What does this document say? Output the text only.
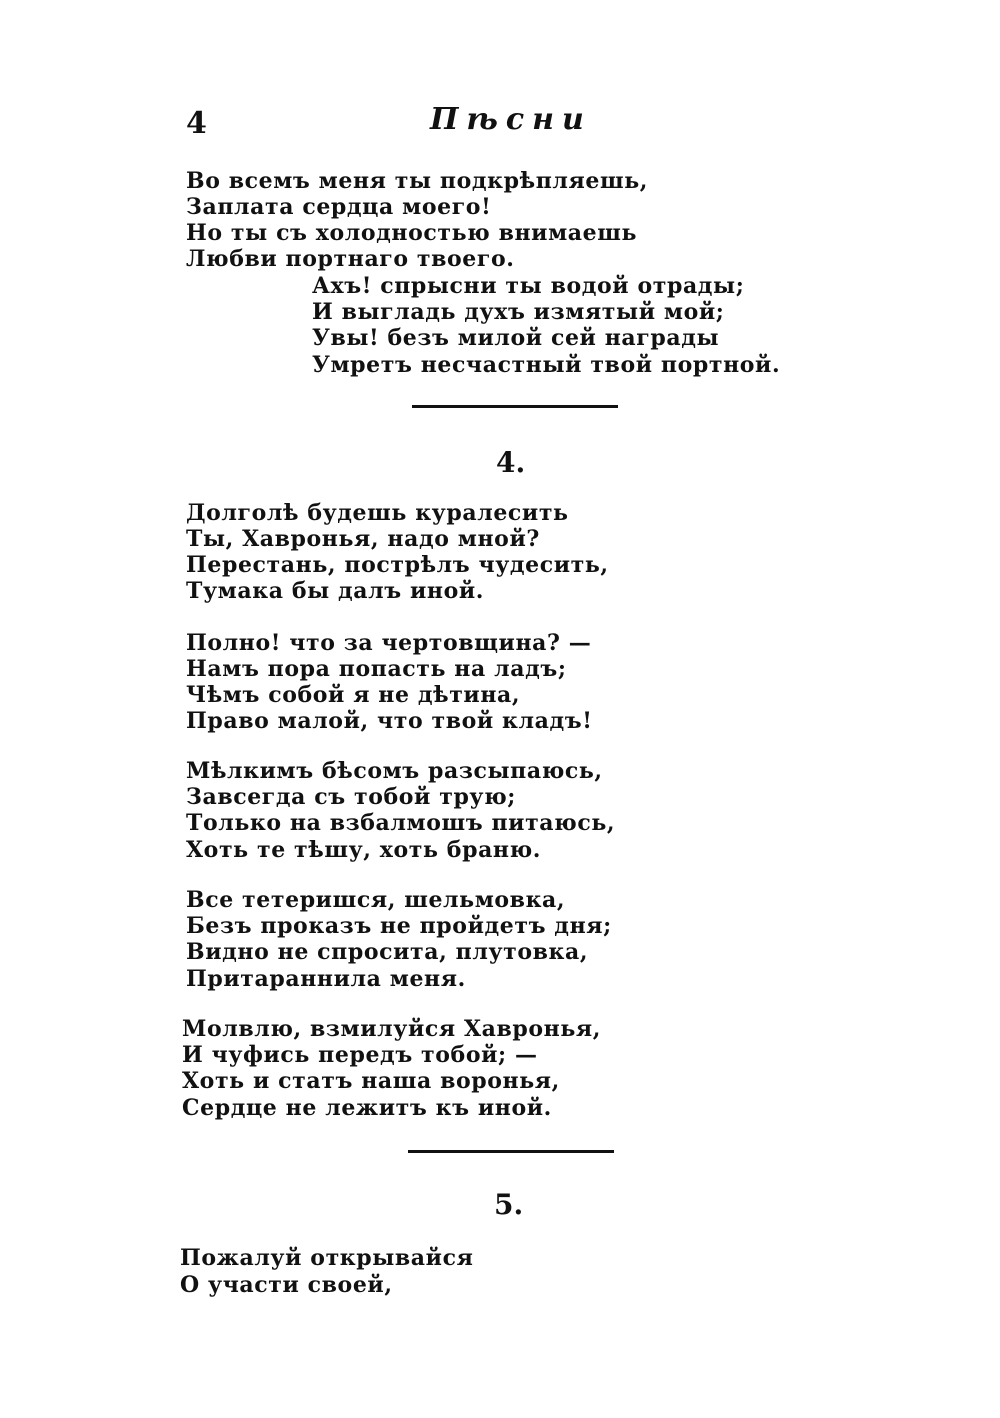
4	Пѣсни
Во всемъ меня ты подкрѣпляешь,
Заплата сердца моего!
Но ты съ холодностью внимаешь
Любви портнаго твоего.
Ахъ! спрысни ты водой отрады;
И выгладь духъ измятый мой;
Увы! безъ милой сей награды
Умретъ несчастный твой портной.
4.
Долголѣ будешь куралесить
Ты, Хавронья, надо мной?
Перестань, пострѣлъ чудесить,
Тумака бы далъ иной.
Полно! что за чертовщина? —
Намъ пора попасть на ладъ;
Чѣмъ собой я не дѣтина,
Право малой, что твой кладъ!
Мѣлкимъ бѣсомъ разсыпаюсь,
Завсегда съ тобой трую;
Только на взбалмошъ питаюсь,
Хоть те тѣшу, хоть браню.
Все тетеришся, шельмовка,
Безъ проказъ не пройдетъ дня;
Видно не спросита, плутовка,
Притараннила меня.
Молвлю, взмилуйся Хавронья,
И чуфись передъ тобой; —
Хоть и статъ наша воронья,
Сердце не лежитъ къ иной.
5.
Пожалуй открывайся
О участи своей,
